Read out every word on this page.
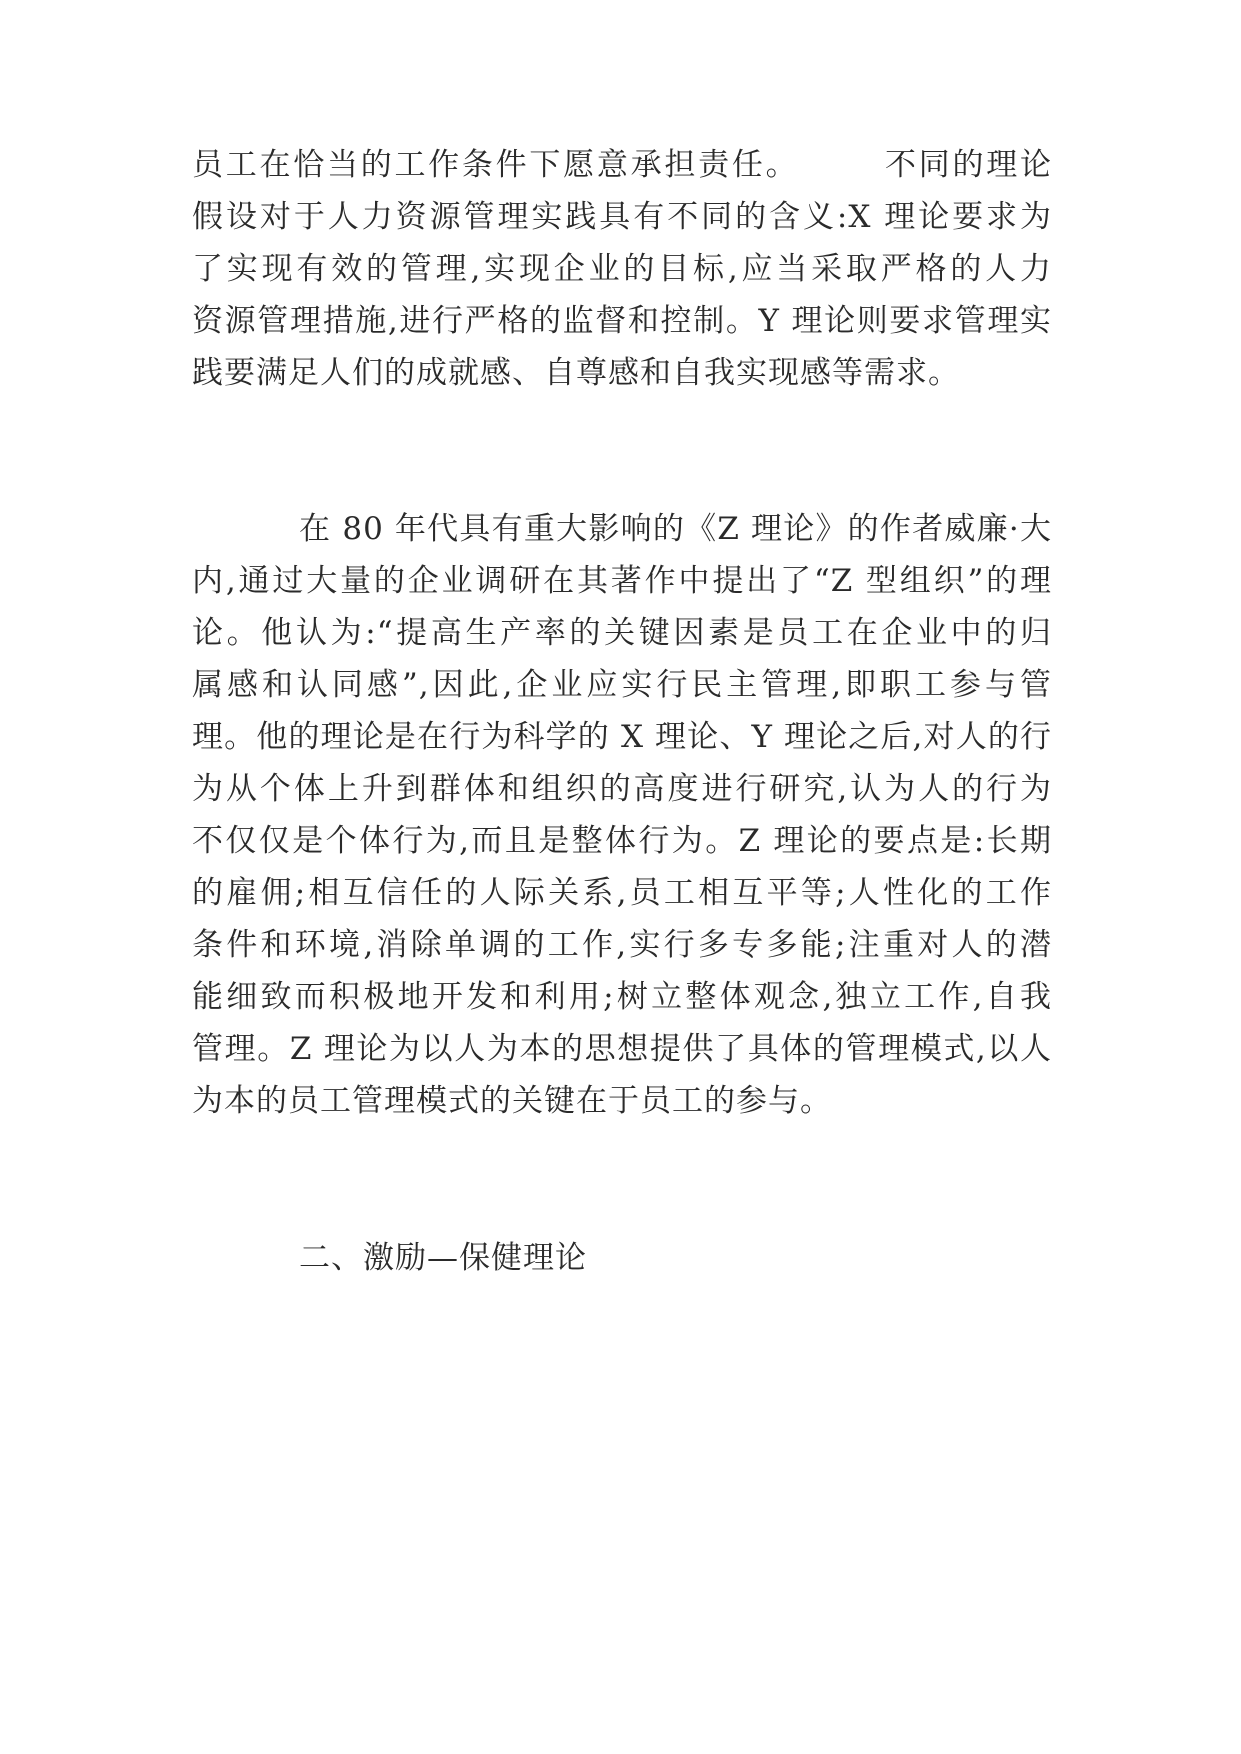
员工在恰当的工作条件下愿意承担责任。　　　不同的理论
假设对于人力资源管理实践具有不同的含义:X 理论要求为
了实现有效的管理,实现企业的目标,应当采取严格的人力
资源管理措施,进行严格的监督和控制。Y 理论则要求管理实
践要满足人们的成就感、自尊感和自我实现感等需求。
在 80 年代具有重大影响的《Z 理论》的作者威廉·大
内,通过大量的企业调研在其著作中提出了“Z 型组织”的理
论。他认为:“提高生产率的关键因素是员工在企业中的归
属感和认同感”,因此,企业应实行民主管理,即职工参与管
理。他的理论是在行为科学的 X 理论、Y 理论之后,对人的行
为从个体上升到群体和组织的高度进行研究,认为人的行为
不仅仅是个体行为,而且是整体行为。Z 理论的要点是:长期
的雇佣;相互信任的人际关系,员工相互平等;人性化的工作
条件和环境,消除单调的工作,实行多专多能;注重对人的潜
能细致而积极地开发和利用;树立整体观念,独立工作,自我
管理。Z 理论为以人为本的思想提供了具体的管理模式,以人
为本的员工管理模式的关键在于员工的参与。
二、激励—保健理论
